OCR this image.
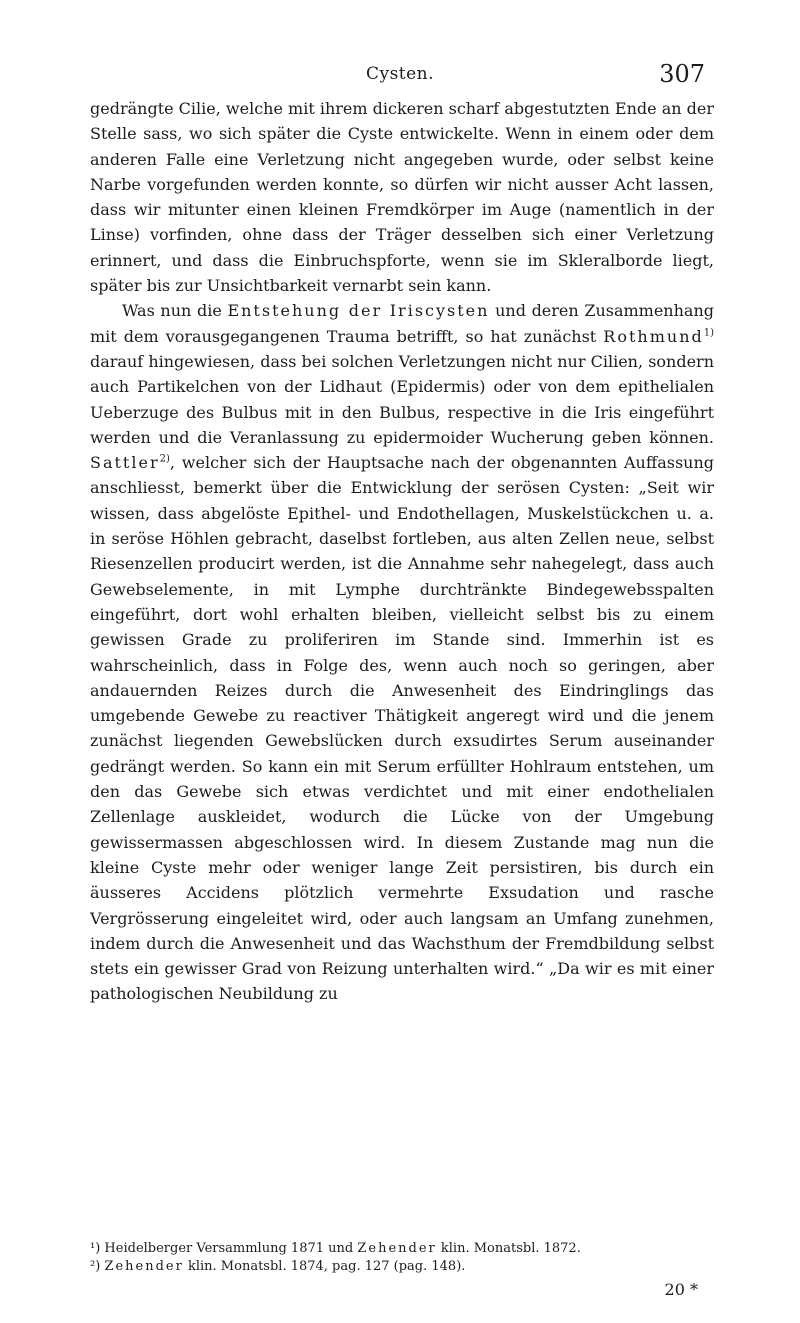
Cysten.	307

gedrängte Cilie, welche mit ihrem dickeren scharf abgestutzten Ende an der Stelle sass, wo sich später die Cyste entwickelte. Wenn in einem oder dem anderen Falle eine Verletzung nicht angegeben wurde, oder selbst keine Narbe vorgefunden werden konnte, so dürfen wir nicht ausser Acht lassen, dass wir mitunter einen kleinen Fremdkörper im Auge (namentlich in der Linse) vorfinden, ohne dass der Träger desselben sich einer Verletzung erinnert, und dass die Einbruchspforte, wenn sie im Skleralborde liegt, später bis zur Unsichtbarkeit vernarbt sein kann.

Was nun die Entstehung der Iriscysten und deren Zusammenhang mit dem vorausgegangenen Trauma betrifft, so hat zunächst Rothmund$^{1)}$ darauf hingewiesen, dass bei solchen Verletzungen nicht nur Cilien, sondern auch Partikelchen von der Lidhaut (Epidermis) oder von dem epithelialen Ueberzuge des Bulbus mit in den Bulbus, respective in die Iris eingeführt werden und die Veranlassung zu epidermoider Wucherung geben können. Sattler$^{2)}$, welcher sich der Hauptsache nach der obgenannten Auffassung anschliesst, bemerkt über die Entwicklung der serösen Cysten: „Seit wir wissen, dass abgelöste Epithel- und Endothellagen, Muskelstückchen u. a. in seröse Höhlen gebracht, daselbst fortleben, aus alten Zellen neue, selbst Riesenzellen producirt werden, ist die Annahme sehr nahegelegt, dass auch Gewebselemente, in mit Lymphe durchtränkte Bindegewebsspalten eingeführt, dort wohl erhalten bleiben, vielleicht selbst bis zu einem gewissen Grade zu proliferiren im Stande sind. Immerhin ist es wahrscheinlich, dass in Folge des, wenn auch noch so geringen, aber andauernden Reizes durch die Anwesenheit des Eindringlings das umgebende Gewebe zu reactiver Thätigkeit angeregt wird und die jenem zunächst liegenden Gewebslücken durch exsudirtes Serum auseinander gedrängt werden. So kann ein mit Serum erfüllter Hohlraum entstehen, um den das Gewebe sich etwas verdichtet und mit einer endothelialen Zellenlage auskleidet, wodurch die Lücke von der Umgebung gewissermassen abgeschlossen wird. In diesem Zustande mag nun die kleine Cyste mehr oder weniger lange Zeit persistiren, bis durch ein äusseres Accidens plötzlich vermehrte Exsudation und rasche Vergrösserung eingeleitet wird, oder auch langsam an Umfang zunehmen, indem durch die Anwesenheit und das Wachsthum der Fremdbildung selbst stets ein gewisser Grad von Reizung unterhalten wird.“ „Da wir es mit einer pathologischen Neubildung zu

¹) Heidelberger Versammlung 1871 und Zehender klin. Monatsbl. 1872.
²) Zehender klin. Monatsbl. 1874, pag. 127 (pag. 148).
20 *
